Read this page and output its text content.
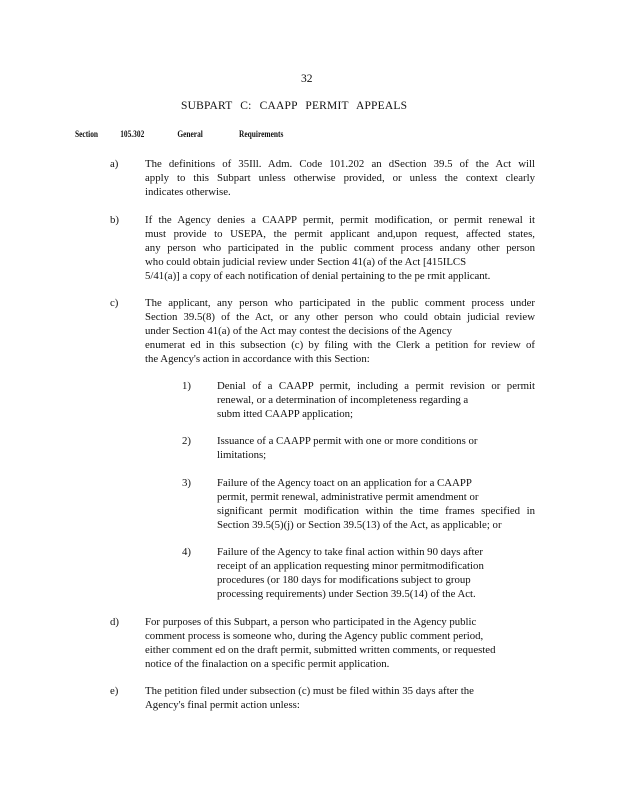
32
SUBPART C: CAAPP PERMIT APPEALS
Section 105.302	General	Requirements
a) The definitions of 35Ill. Adm. Code 101.202 an dSection 39.5 of the Act will
apply to this Subpart unless otherwise provided, or unless the context clearly
indicates otherwise.
b) If the Agency denies a CAAPP permit, permit modification, or permit renewal it
must provide to USEPA, the permit applicant and,upon request, affected states,
any person who participated in the public comment process andany other person
who could obtain judicial review under Section 41(a) of the Act [415ILCS
5/41(a)] a copy of each notification of denial pertaining to the pe rmit applicant.
c) The applicant, any person who participated in the public comment process under
Section 39.5(8) of the Act, or any other person who could obtain judicial review
under Section 41(a) of the Act may contest the decisions of the Agency
enumerat ed in this subsection (c) by filing with the Clerk a petition for review of
the Agency's action in accordance with this Section:
1) Denial of a CAAPP permit, including a permit revision or permit
renewal, or a determination of incompleteness regarding a
subm itted CAAPP application;
2) Issuance of a CAAPP permit with one or more conditions or
limitations;
3) Failure of the Agency toact on an application for a CAAPP
permit, permit renewal, administrative permit amendment or
significant permit modification within the time frames specified in
Section 39.5(5)(j) or Section 39.5(13) of the Act, as applicable; or
4) Failure of the Agency to take final action within 90 days after
receipt of an application requesting minor permitmodification
procedures (or 180 days for modifications subject to group
processing requirements) under Section 39.5(14) of the Act.
d) For purposes of this Subpart, a person who participated in the Agency public
comment process is someone who, during the Agency public comment period,
either comment ed on the draft permit, submitted written comments, or requested
notice of the finalaction on a specific permit application.
e) The petition filed under subsection (c) must be filed within 35 days after the
Agency's final permit action unless:
